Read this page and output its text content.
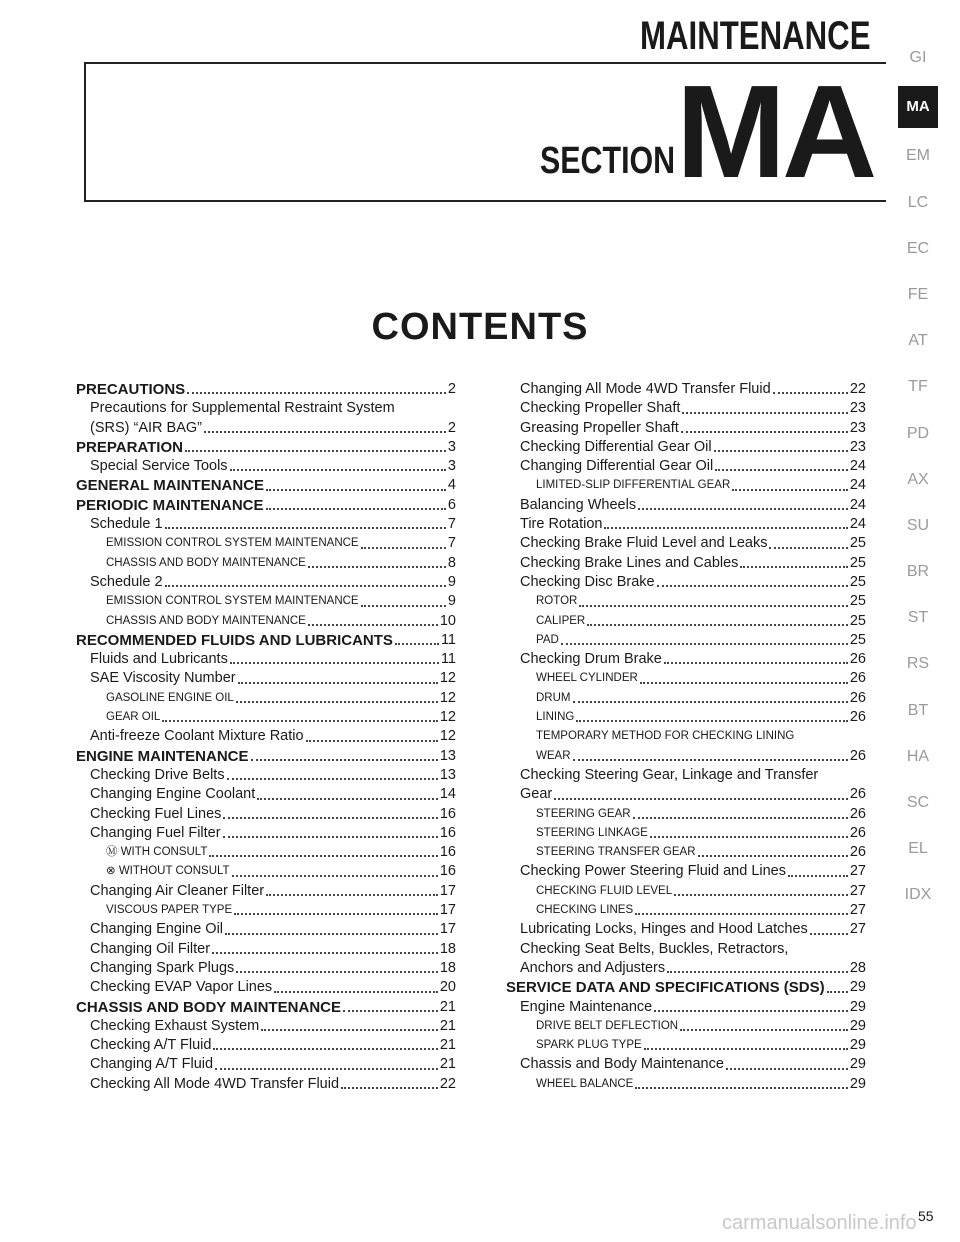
MAINTENANCE
SECTION MA
GI
MA
EM
LC
EC
FE
AT
TF
PD
AX
SU
BR
ST
RS
BT
HA
SC
EL
IDX
CONTENTS
PRECAUTIONS	2
Precautions for Supplemental Restraint System
(SRS) “AIR BAG”	2
PREPARATION	3
Special Service Tools	3
GENERAL MAINTENANCE	4
PERIODIC MAINTENANCE	6
Schedule 1	7
EMISSION CONTROL SYSTEM MAINTENANCE	7
CHASSIS AND BODY MAINTENANCE	8
Schedule 2	9
EMISSION CONTROL SYSTEM MAINTENANCE	9
CHASSIS AND BODY MAINTENANCE	10
RECOMMENDED FLUIDS AND LUBRICANTS	11
Fluids and Lubricants	11
SAE Viscosity Number	12
GASOLINE ENGINE OIL	12
GEAR OIL	12
Anti-freeze Coolant Mixture Ratio	12
ENGINE MAINTENANCE	13
Checking Drive Belts	13
Changing Engine Coolant	14
Checking Fuel Lines	16
Changing Fuel Filter	16
Ⓜ WITH CONSULT	16
⊗ WITHOUT CONSULT	16
Changing Air Cleaner Filter	17
VISCOUS PAPER TYPE	17
Changing Engine Oil	17
Changing Oil Filter	18
Changing Spark Plugs	18
Checking EVAP Vapor Lines	20
CHASSIS AND BODY MAINTENANCE	21
Checking Exhaust System	21
Checking A/T Fluid	21
Changing A/T Fluid	21
Checking All Mode 4WD Transfer Fluid	22
Changing All Mode 4WD Transfer Fluid	22
Checking Propeller Shaft	23
Greasing Propeller Shaft	23
Checking Differential Gear Oil	23
Changing Differential Gear Oil	24
LIMITED-SLIP DIFFERENTIAL GEAR	24
Balancing Wheels	24
Tire Rotation	24
Checking Brake Fluid Level and Leaks	25
Checking Brake Lines and Cables	25
Checking Disc Brake	25
ROTOR	25
CALIPER	25
PAD	25
Checking Drum Brake	26
WHEEL CYLINDER	26
DRUM	26
LINING	26
TEMPORARY METHOD FOR CHECKING LINING
WEAR	26
Checking Steering Gear, Linkage and Transfer
Gear	26
STEERING GEAR	26
STEERING LINKAGE	26
STEERING TRANSFER GEAR	26
Checking Power Steering Fluid and Lines	27
CHECKING FLUID LEVEL	27
CHECKING LINES	27
Lubricating Locks, Hinges and Hood Latches	27
Checking Seat Belts, Buckles, Retractors,
Anchors and Adjusters	28
SERVICE DATA AND SPECIFICATIONS (SDS) 29
Engine Maintenance	29
DRIVE BELT DEFLECTION	29
SPARK PLUG TYPE	29
Chassis and Body Maintenance	29
WHEEL BALANCE	29
carmanualsonline.info 55
